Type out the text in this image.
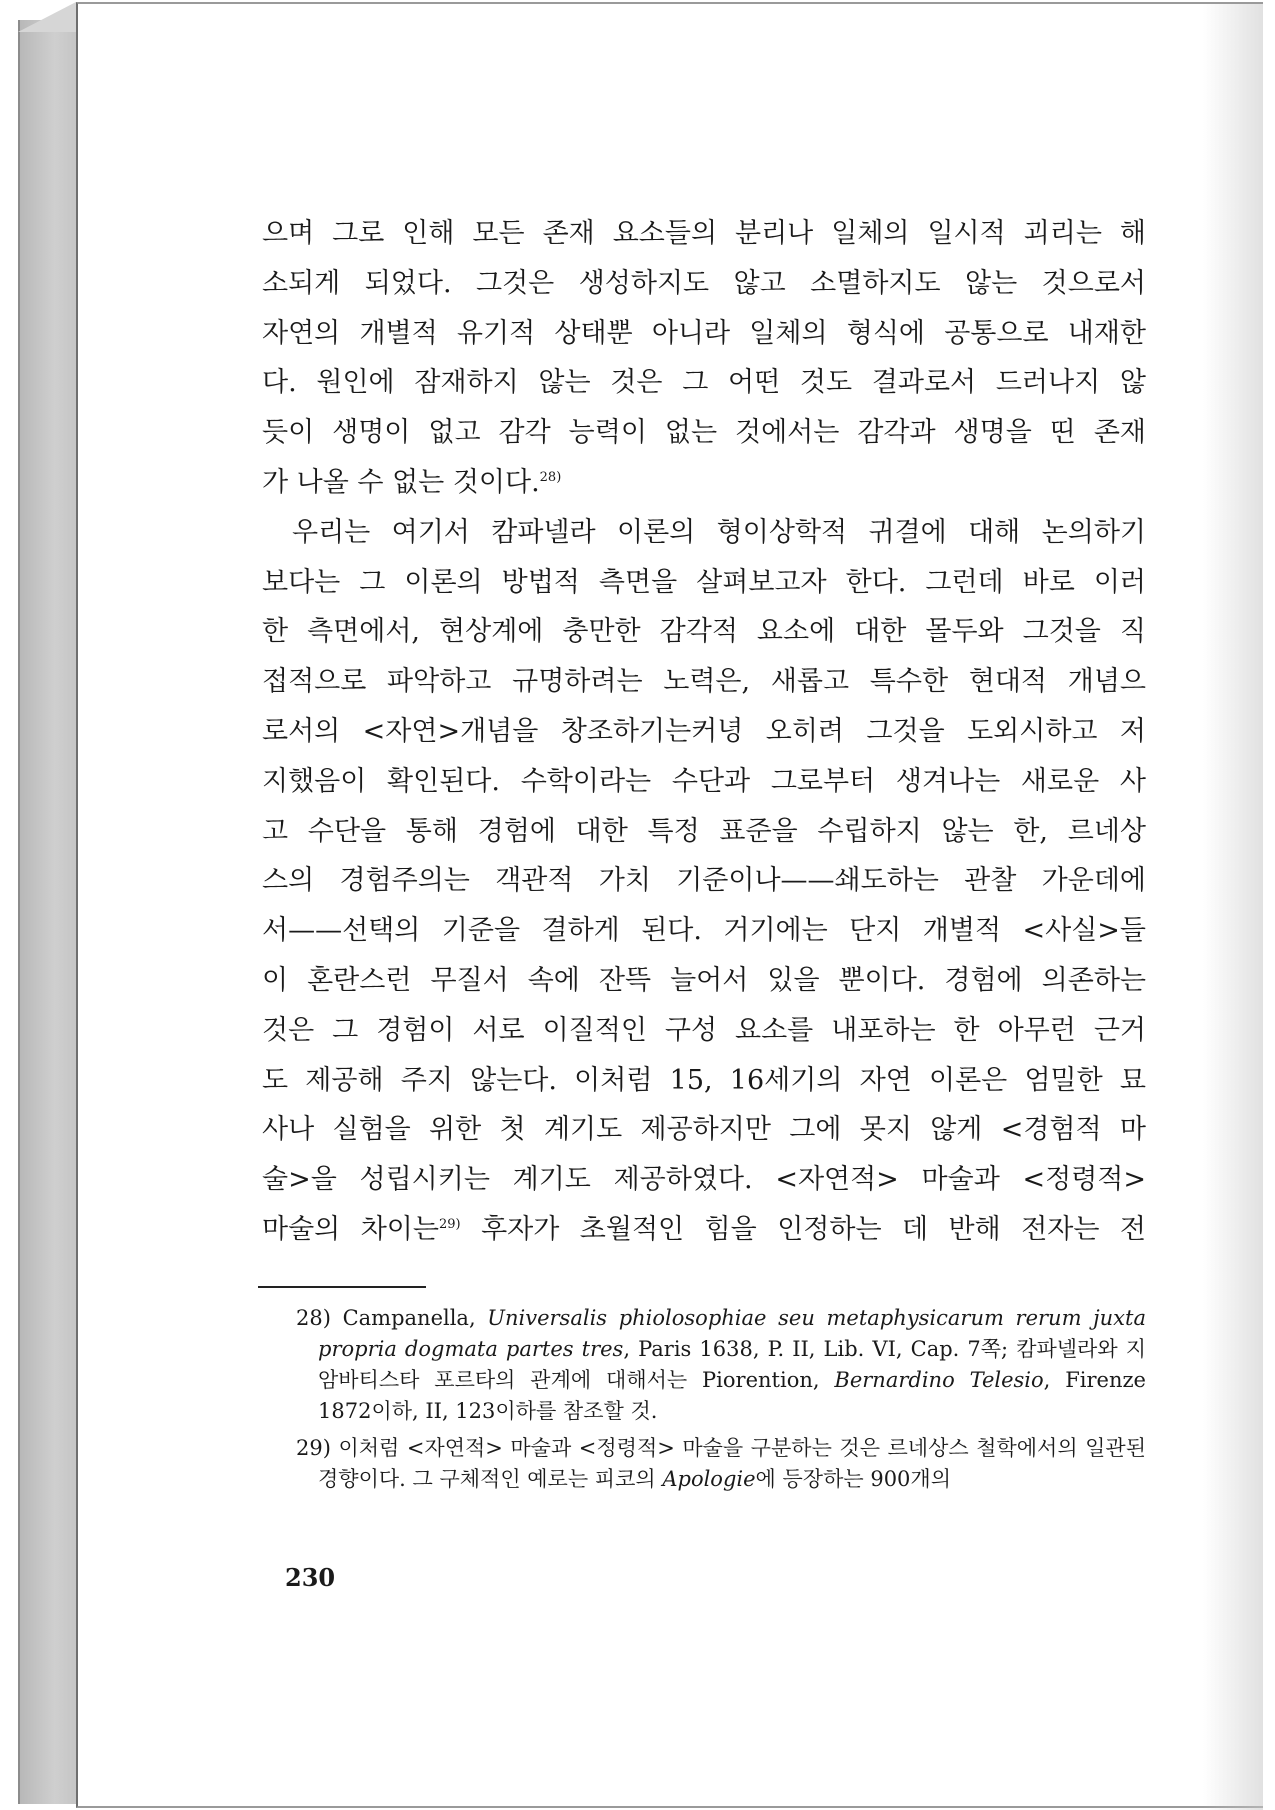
으며 그로 인해 모든 존재 요소들의 분리나 일체의 일시적 괴리는 해

소되게 되었다. 그것은 생성하지도 않고 소멸하지도 않는 것으로서

자연의 개별적 유기적 상태뿐 아니라 일체의 형식에 공통으로 내재한

다. 원인에 잠재하지 않는 것은 그 어떤 것도 결과로서 드러나지 않

듯이 생명이 없고 감각 능력이 없는 것에서는 감각과 생명을 띤 존재

가 나올 수 없는 것이다.$^{28)}$

우리는 여기서 캄파넬라 이론의 형이상학적 귀결에 대해 논의하기

보다는 그 이론의 방법적 측면을 살펴보고자 한다. 그런데 바로 이러

한 측면에서, 현상계에 충만한 감각적 요소에 대한 몰두와 그것을 직

접적으로 파악하고 규명하려는 노력은, 새롭고 특수한 현대적 개념으

로서의 <자연>개념을 창조하기는커녕 오히려 그것을 도외시하고 저

지했음이 확인된다. 수학이라는 수단과 그로부터 생겨나는 새로운 사

고 수단을 통해 경험에 대한 특정 표준을 수립하지 않는 한, 르네상

스의 경험주의는 객관적 가치 기준이나——쇄도하는 관찰 가운데에

서——선택의 기준을 결하게 된다. 거기에는 단지 개별적 <사실>들

이 혼란스런 무질서 속에 잔뜩 늘어서 있을 뿐이다. 경험에 의존하는

것은 그 경험이 서로 이질적인 구성 요소를 내포하는 한 아무런 근거

도 제공해 주지 않는다. 이처럼 15, 16세기의 자연 이론은 엄밀한 묘

사나 실험을 위한 첫 계기도 제공하지만 그에 못지 않게 <경험적 마

술>을 성립시키는 계기도 제공하였다. <자연적> 마술과 <정령적>

마술의 차이는$^{29)}$ 후자가 초월적인 힘을 인정하는 데 반해 전자는 전

28) Campanella, Universalis phiolosophiae seu metaphysicarum rerum juxta propria dogmata partes tres, Paris 1638, P. II, Lib. VI, Cap. 7쪽; 캄파넬라와 지암바티스타 포르타의 관계에 대해서는 Piorention, Bernardino Telesio, Firenze 1872이하, II, 123이하를 참조할 것.

29) 이처럼 <자연적> 마술과 <정령적> 마술을 구분하는 것은 르네상스 철학에서의 일관된 경향이다. 그 구체적인 예로는 피코의 Apologie에 등장하는 900개의

230
